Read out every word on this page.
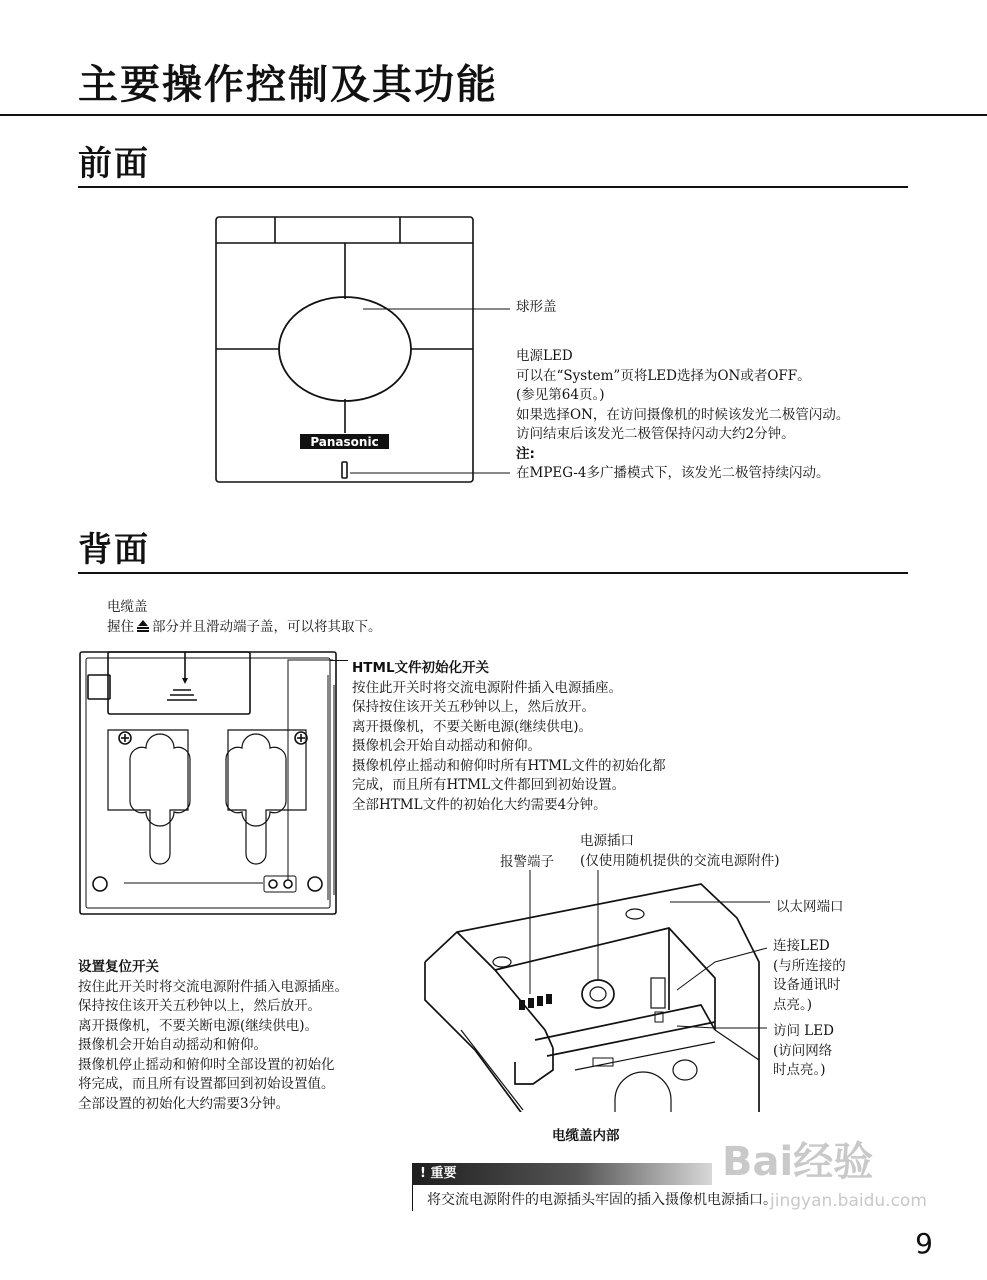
主要操作控制及其功能
前面
Panasonic
球形盖
电源LED
可以在“System”页将LED选择为ON或者OFF。
(参见第64页。)
如果选择ON，在访问摄像机的时候该发光二极管闪动。
访问结束后该发光二极管保持闪动大约2分钟。
注:
在MPEG-4多广播模式下，该发光二极管持续闪动。
背面
电缆盖
握住 部分并且滑动端子盖，可以将其取下。
HTML文件初始化开关
按住此开关时将交流电源附件插入电源插座。
保持按住该开关五秒钟以上，然后放开。
离开摄像机，不要关断电源(继续供电)。
摄像机会开始自动摇动和俯仰。
摄像机停止摇动和俯仰时所有HTML文件的初始化都
完成，而且所有HTML文件都回到初始设置。
全部HTML文件的初始化大约需要4分钟。
设置复位开关
按住此开关时将交流电源附件插入电源插座。
保持按住该开关五秒钟以上，然后放开。
离开摄像机，不要关断电源(继续供电)。
摄像机会开始自动摇动和俯仰。
摄像机停止摇动和俯仰时全部设置的初始化
将完成，而且所有设置都回到初始设置值。
全部设置的初始化大约需要3分钟。
报警端子
电源插口
(仅使用随机提供的交流电源附件)
以太网端口
连接LED
(与所连接的
设备通讯时
点亮。)
访问 LED
(访问网络
时点亮。)
电缆盖内部
! 重要
将交流电源附件的电源插头牢固的插入摄像机电源插口。
Bai经验
jingyan.baidu.com
9
